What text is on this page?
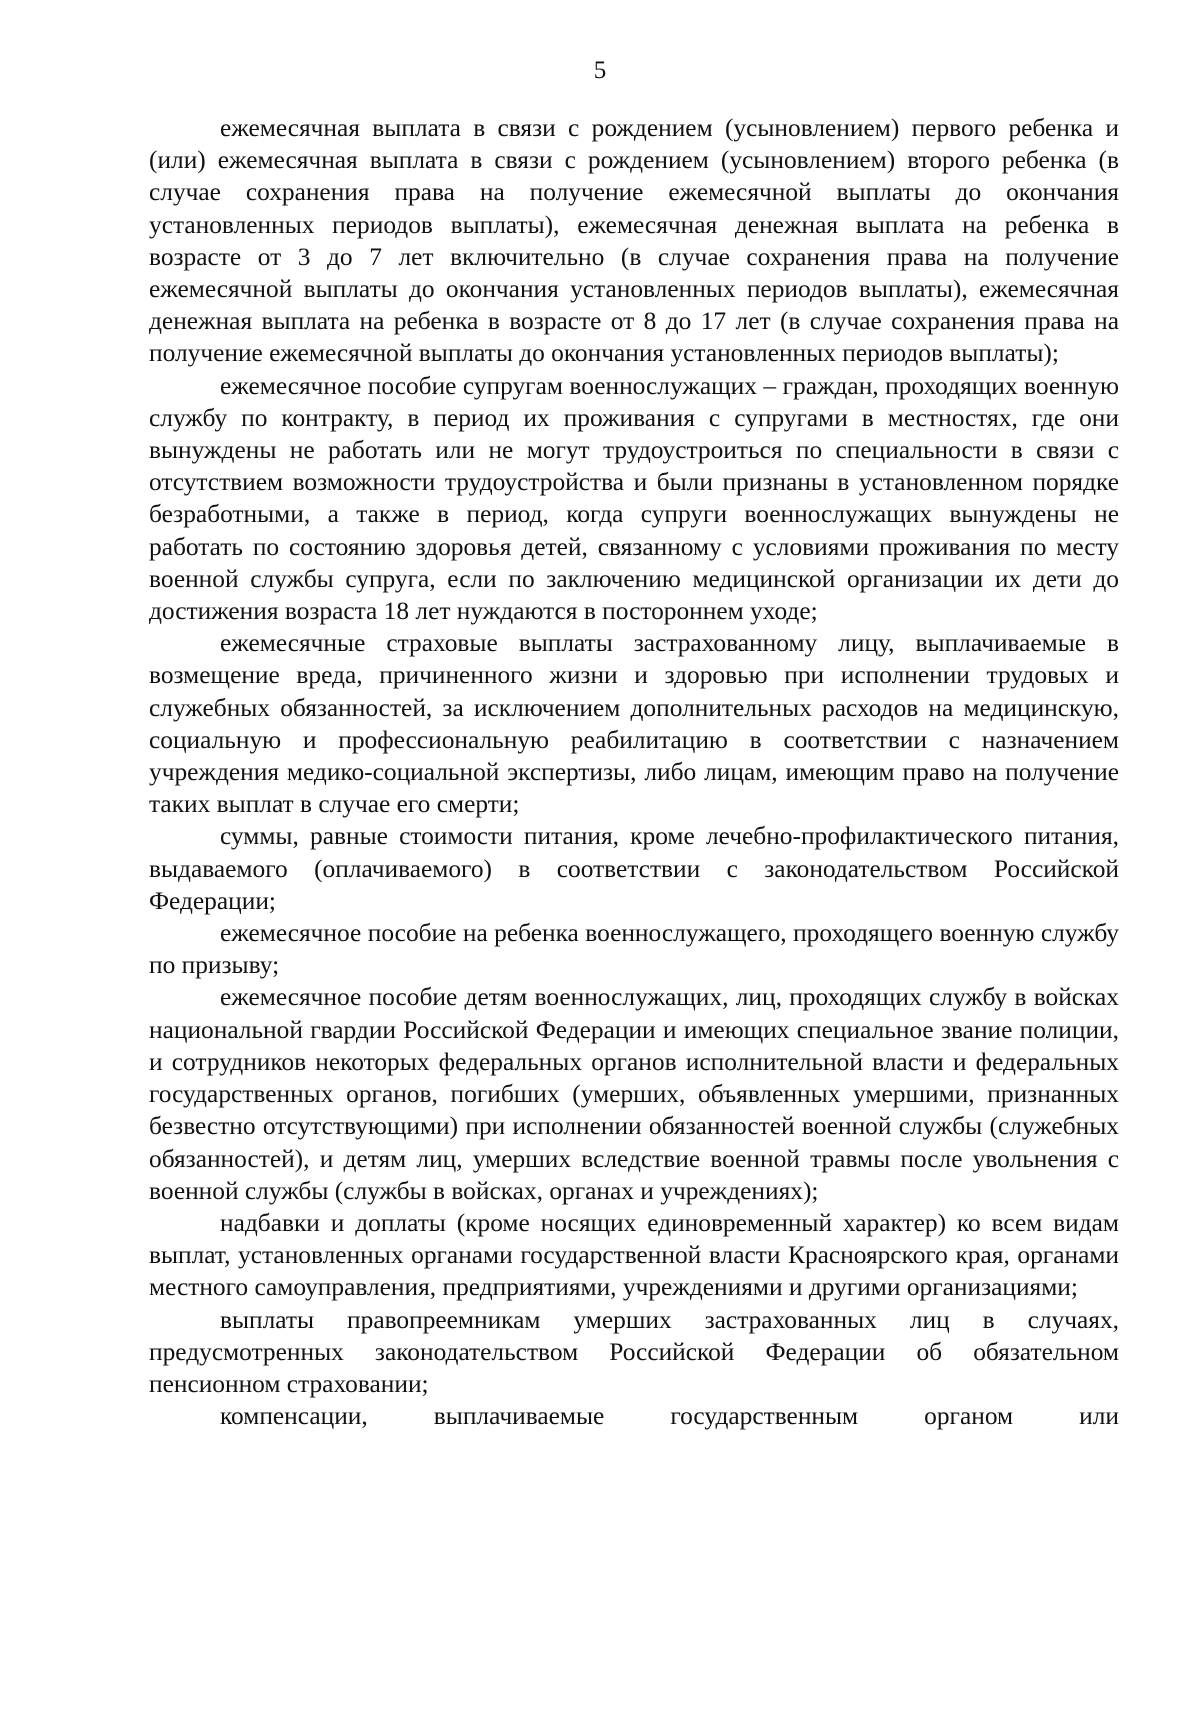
5

ежемесячная выплата в связи с рождением (усыновлением) первого ребенка и (или) ежемесячная выплата в связи с рождением (усыновлением) второго ребенка (в случае сохранения права на получение ежемесячной выплаты до окончания установленных периодов выплаты), ежемесячная денежная выплата на ребенка в возрасте от 3 до 7 лет включительно (в случае сохранения права на получение ежемесячной выплаты до окончания установленных периодов выплаты), ежемесячная денежная выплата на ребенка в возрасте от 8 до 17 лет (в случае сохранения права на получение ежемесячной выплаты до окончания установленных периодов выплаты);

ежемесячное пособие супругам военнослужащих – граждан, проходящих военную службу по контракту, в период их проживания с супругами в местностях, где они вынуждены не работать или не могут трудоустроиться по специальности в связи с отсутствием возможности трудоустройства и были признаны в установленном порядке безработными, а также в период, когда супруги военнослужащих вынуждены не работать по состоянию здоровья детей, связанному с условиями проживания по месту военной службы супруга, если по заключению медицинской организации их дети до достижения возраста 18 лет нуждаются в постороннем уходе;

ежемесячные страховые выплаты застрахованному лицу, выплачиваемые в возмещение вреда, причиненного жизни и здоровью при исполнении трудовых и служебных обязанностей, за исключением дополнительных расходов на медицинскую, социальную и профессиональную реабилитацию в соответствии с назначением учреждения медико-социальной экспертизы, либо лицам, имеющим право на получение таких выплат в случае его смерти;

суммы, равные стоимости питания, кроме лечебно-профилактического питания, выдаваемого (оплачиваемого) в соответствии с законодательством Российской Федерации;

ежемесячное пособие на ребенка военнослужащего, проходящего военную службу по призыву;

ежемесячное пособие детям военнослужащих, лиц, проходящих службу в войсках национальной гвардии Российской Федерации и имеющих специальное звание полиции, и сотрудников некоторых федеральных органов исполнительной власти и федеральных государственных органов, погибших (умерших, объявленных умершими, признанных безвестно отсутствующими) при исполнении обязанностей военной службы (служебных обязанностей), и детям лиц, умерших вследствие военной травмы после увольнения с военной службы (службы в войсках, органах и учреждениях);

надбавки и доплаты (кроме носящих единовременный характер) ко всем видам выплат, установленных органами государственной власти Красноярского края, органами местного самоуправления, предприятиями, учреждениями и другими организациями;

выплаты правопреемникам умерших застрахованных лиц в случаях, предусмотренных законодательством Российской Федерации об обязательном пенсионном страховании;

компенсации, выплачиваемые государственным органом или
